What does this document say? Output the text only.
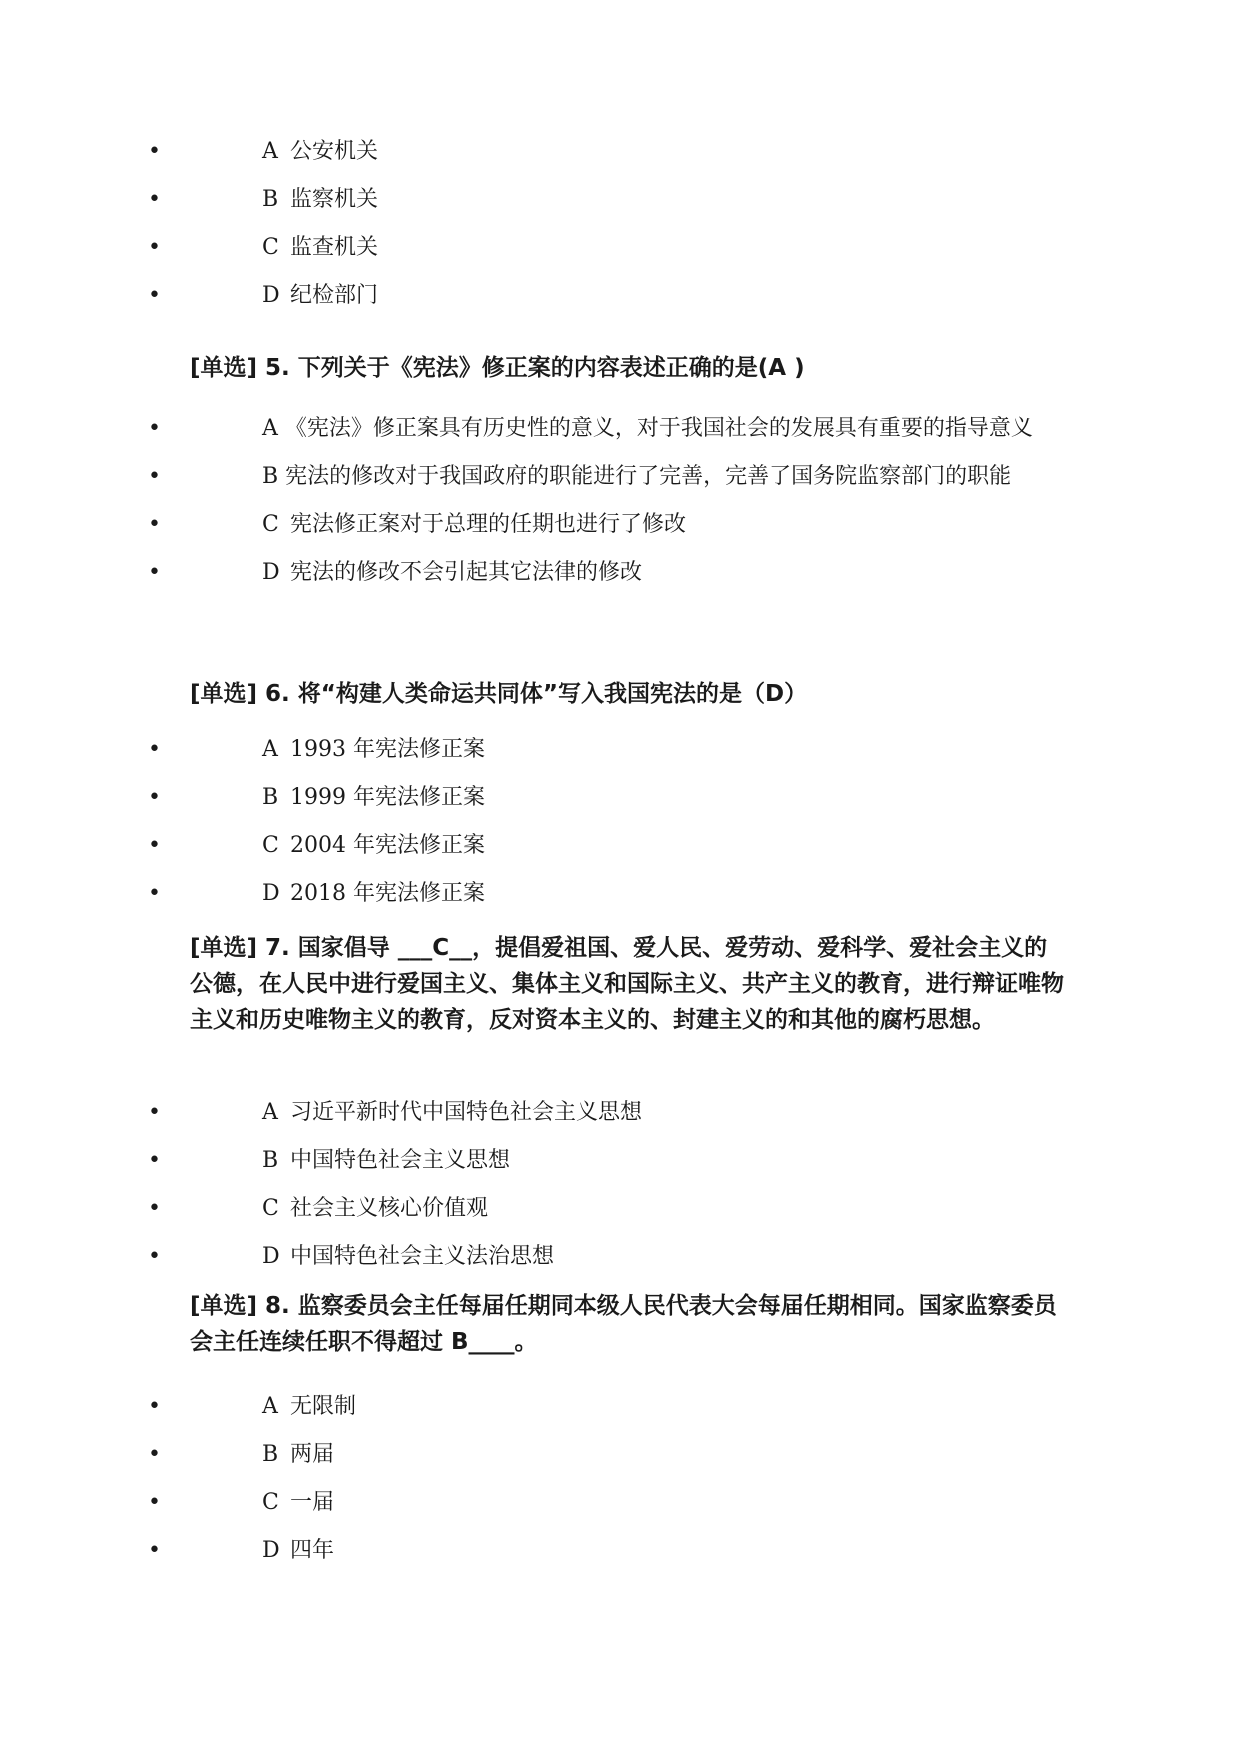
•	A 公安机关
•	B 监察机关
•	C 监查机关
•	D 纪检部门

[单选] 5. 下列关于《宪法》修正案的内容表述正确的是(A )

•	A 《宪法》修正案具有历史性的意义，对于我国社会的发展具有重要的指导意义
•	B 宪法的修改对于我国政府的职能进行了完善，完善了国务院监察部门的职能
•	C 宪法修正案对于总理的任期也进行了修改
•	D 宪法的修改不会引起其它法律的修改

[单选] 6. 将“构建人类命运共同体”写入我国宪法的是（D）

•	A 1993 年宪法修正案
•	B 1999 年宪法修正案
•	C 2004 年宪法修正案
•	D 2018 年宪法修正案

[单选] 7. 国家倡导 ___C__，提倡爱祖国、爱人民、爱劳动、爱科学、爱社会主义的公德，在人民中进行爱国主义、集体主义和国际主义、共产主义的教育，进行辩证唯物主义和历史唯物主义的教育，反对资本主义的、封建主义的和其他的腐朽思想。

•	A 习近平新时代中国特色社会主义思想
•	B 中国特色社会主义思想
•	C 社会主义核心价值观
•	D 中国特色社会主义法治思想

[单选] 8. 监察委员会主任每届任期同本级人民代表大会每届任期相同。国家监察委员会主任连续任职不得超过 B____。

•	A 无限制
•	B 两届
•	C 一届
•	D 四年
